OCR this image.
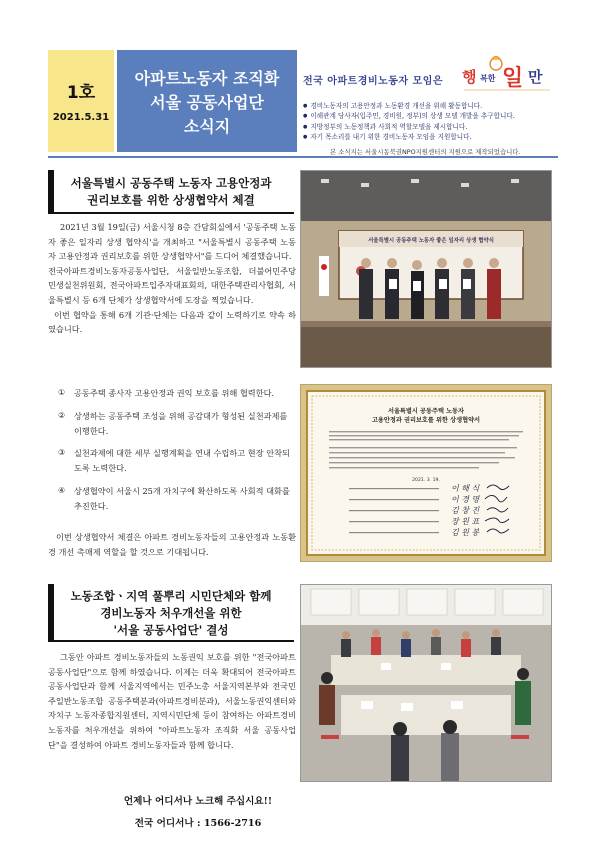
1호
2021.5.31
아파트노동자 조직화
서울 공동사업단
소식지
전국 아파트경비노동자 모임은 행 복한 일 만
● 경비노동자의 고용안정과 노동환경 개선을 위해 활동합니다.
● 이해관계 당사자(입주민, 경비원, 정부)의 상생 모델 개발을 추구합니다.
● 지방정부의 노동정책과 사회적 역할모델을 제시합니다.
● 자기 목소리를 내기 위한 경비노동자 모임을 지원합니다.
본 소식지는 서울시동북권NPO지원센터의 지원으로 제작되었습니다.
서울특별시 공동주택 노동자 고용안정과
권리보호를 위한 상생협약서 체결

2021년 3월 19일(금) 서울시청 8층 간담회실에서 '공동주택 노동자 좋은 일자리 상생 협약식'을 개최하고 "서울특별시 공동주택 노동자 고용안정과 권리보호를 위한 상생협약서"를 드디어 체결했습니다.

전국아파트경비노동자공동사업단, 서울일반노동조합, 더불어민주당 민생실천위원회, 전국아파트입주자대표회의, 대한주택관리사협회, 서울특별시 등 6개 단체가 상생협약서에 도장을 찍었습니다.

이번 협약을 통해 6개 기관·단체는 다음과 같이 노력하기로 약속 하였습니다.

① 공동주택 종사자 고용안정과 권익 보호를 위해 협력한다.
② 상생하는 공동주택 조성을 위해 공감대가 형성된 실천과제를 이행한다.
③ 실천과제에 대한 세부 실행계획을 연내 수립하고 현장 안착되도록 노력한다.
④ 상생협약이 서울시 25개 자치구에 확산하도록 사회적 대화를 추진한다.

이번 상생협약서 체결은 아파트 경비노동자들의 고용안정과 노동환경 개선 촉매제 역할을 할 것으로 기대됩니다.

서울특별시 공동주택 노동자 좋은 일자리 상생 협약식
서울특별시 공동주택 노동자
고용안정과 권리보호를 위한 상생협약서
2021. 3. 19.
이 해 식
이 경 명
김 창 진
장 원 표
김 원 봉
노동조합ㆍ지역 풀뿌리 시민단체와 함께
경비노동자 처우개선을 위한
'서울 공동사업단' 결성

그동안 아파트 경비노동자들의 노동권익 보호를 위한 "전국아파트공동사업단"으로 함께 하였습니다. 이제는 더욱 확대되어 전국아파트공동사업단과 함께 서울지역에서는 민주노총 서울지역본부와 전국민주일반노동조합 공동주택분과(아파트경비분과), 서울노동권익센터와 자치구 노동자종합지원센터, 지역시민단체 등이 참여하는 아파트경비노동자를 처우개선을 위하여 "아파트노동자 조직화 서울 공동사업단"을 결성하여 아파트 경비노동자들과 함께 합니다.

언제나 어디서나 노크해 주십시요!!
전국 어디서나 : 1566-2716
